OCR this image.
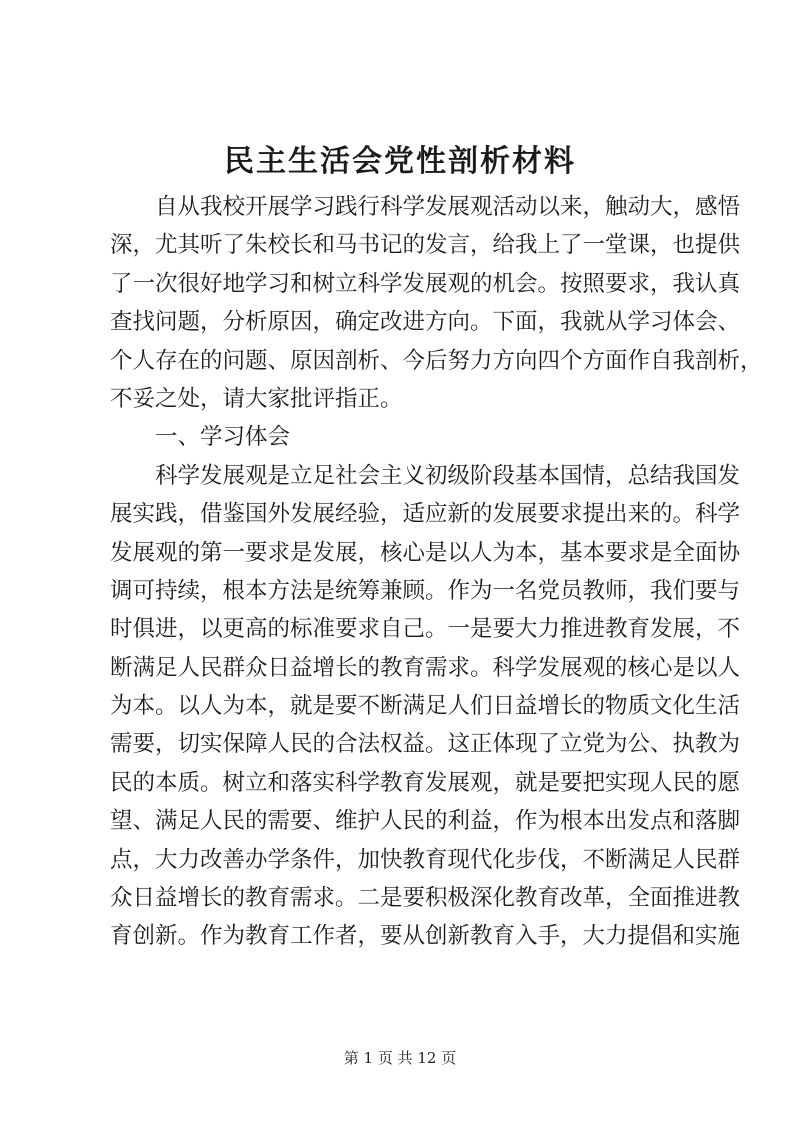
民主生活会党性剖析材料
自从我校开展学习践行科学发展观活动以来，触动大，感悟
深，尤其听了朱校长和马书记的发言，给我上了一堂课，也提供
了一次很好地学习和树立科学发展观的机会。按照要求，我认真
查找问题，分析原因，确定改进方向。下面，我就从学习体会、
个人存在的问题、原因剖析、今后努力方向四个方面作自我剖析，
不妥之处，请大家批评指正。
一、学习体会
科学发展观是立足社会主义初级阶段基本国情，总结我国发
展实践，借鉴国外发展经验，适应新的发展要求提出来的。科学
发展观的第一要求是发展，核心是以人为本，基本要求是全面协
调可持续，根本方法是统筹兼顾。作为一名党员教师，我们要与
时俱进，以更高的标准要求自己。一是要大力推进教育发展，不
断满足人民群众日益增长的教育需求。科学发展观的核心是以人
为本。以人为本，就是要不断满足人们日益增长的物质文化生活
需要，切实保障人民的合法权益。这正体现了立党为公、执教为
民的本质。树立和落实科学教育发展观，就是要把实现人民的愿
望、满足人民的需要、维护人民的利益，作为根本出发点和落脚
点，大力改善办学条件，加快教育现代化步伐，不断满足人民群
众日益增长的教育需求。二是要积极深化教育改革，全面推进教
育创新。作为教育工作者，要从创新教育入手，大力提倡和实施
第 1 页 共 12 页
